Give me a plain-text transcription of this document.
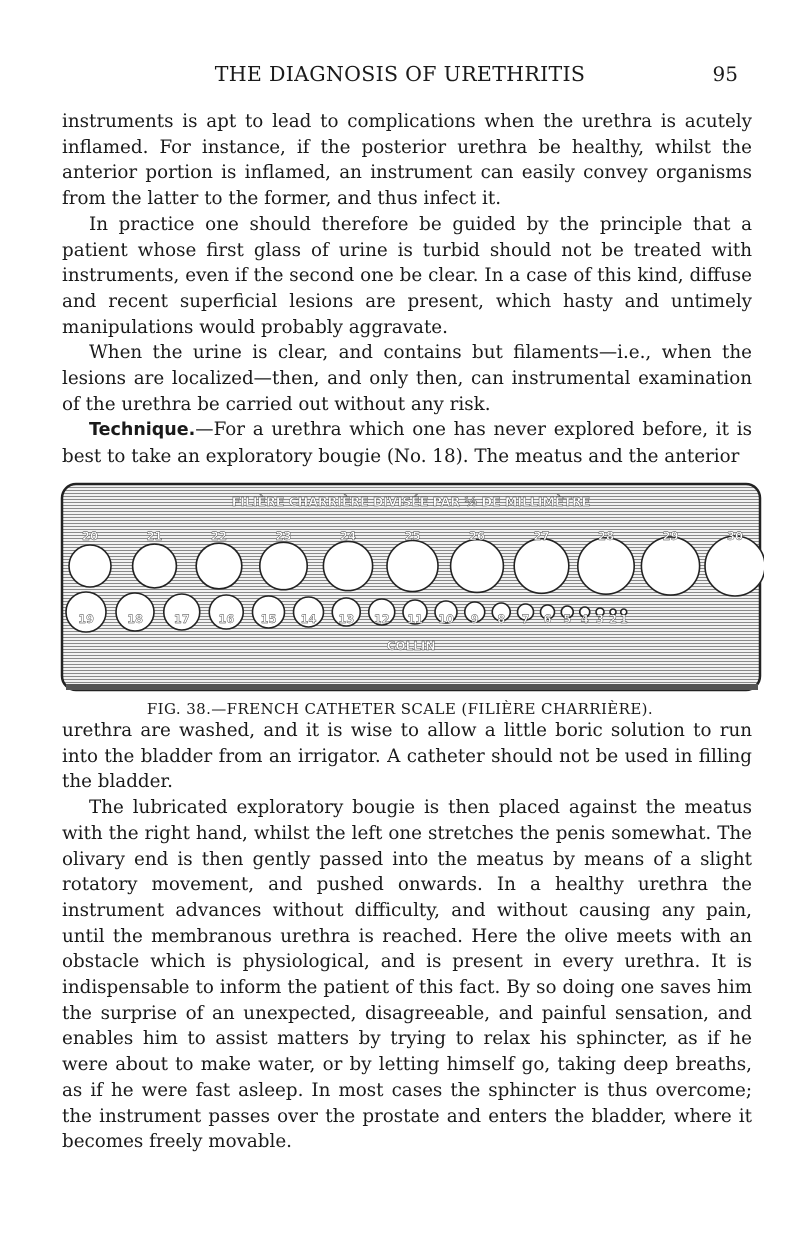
THE DIAGNOSIS OF URETHRITIS	95

instruments is apt to lead to complications when the urethra is acutely inflamed. For instance, if the posterior urethra be healthy, whilst the anterior portion is inflamed, an instrument can easily convey organisms from the latter to the former, and thus infect it.

In practice one should therefore be guided by the principle that a patient whose first glass of urine is turbid should not be treated with instruments, even if the second one be clear. In a case of this kind, diffuse and recent superficial lesions are present, which hasty and untimely manipulations would probably aggravate.

When the urine is clear, and contains but filaments—i.e., when the lesions are localized—then, and only then, can instrumental examination of the urethra be carried out without any risk.

Technique.—For a urethra which one has never explored before, it is best to take an exploratory bougie (No. 18). The meatus and the anterior

FILIÈRE CHARRIÈRE DIVISÉE PAR ⅓ DE MILLIMÈTRE
20	21	22	23	24	25	26	27	28	29	30
19	18	17 16 15 14 13 12 11 10 9 8 7 6 5 4 3 2 1
COLLIN
FIG. 38.—FRENCH CATHETER SCALE (FILIÈRE CHARRIÈRE).

urethra are washed, and it is wise to allow a little boric solution to run into the bladder from an irrigator. A catheter should not be used in filling the bladder.

The lubricated exploratory bougie is then placed against the meatus with the right hand, whilst the left one stretches the penis somewhat. The olivary end is then gently passed into the meatus by means of a slight rotatory movement, and pushed onwards. In a healthy urethra the instrument advances without difficulty, and without causing any pain, until the membranous urethra is reached. Here the olive meets with an obstacle which is physiological, and is present in every urethra. It is indispensable to inform the patient of this fact. By so doing one saves him the surprise of an unexpected, disagreeable, and painful sensation, and enables him to assist matters by trying to relax his sphincter, as if he were about to make water, or by letting himself go, taking deep breaths, as if he were fast asleep. In most cases the sphincter is thus overcome; the instrument passes over the prostate and enters the bladder, where it becomes freely movable.
